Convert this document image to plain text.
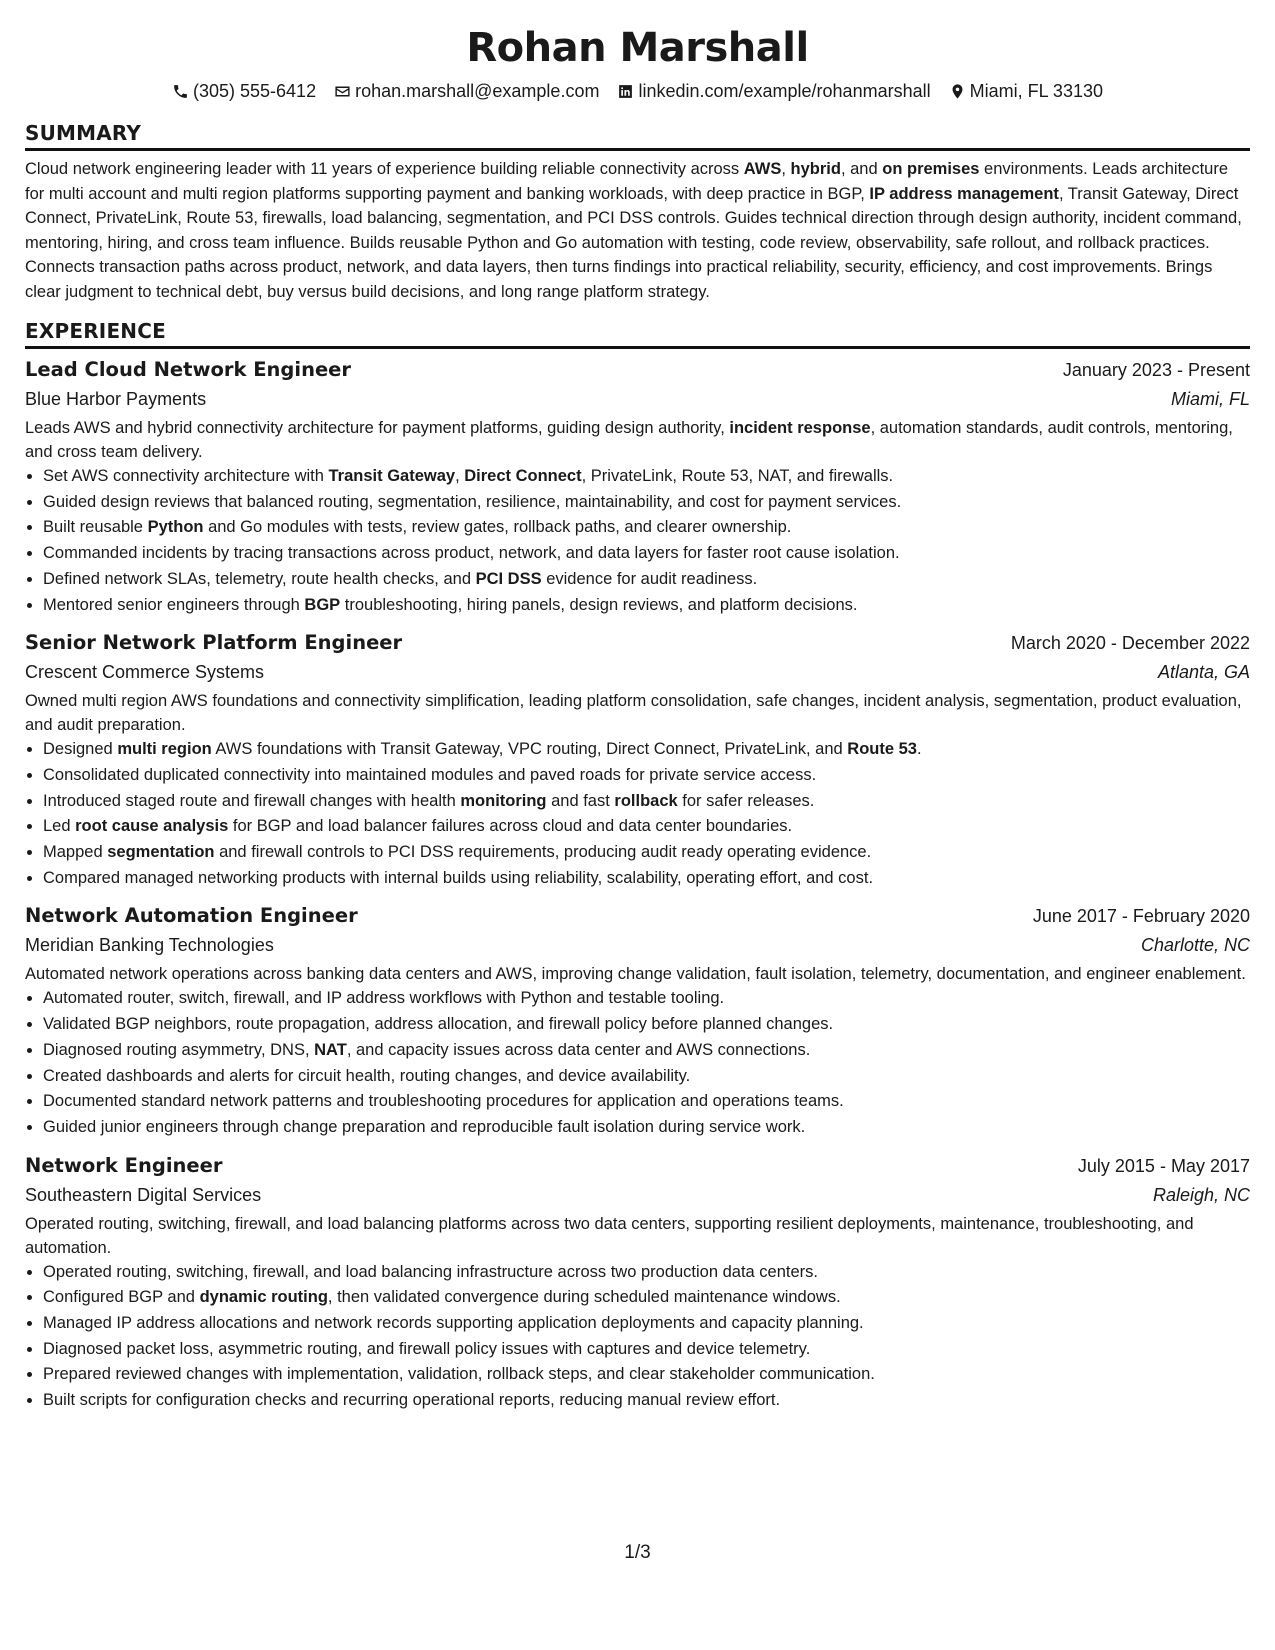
Rohan Marshall
(305) 555-6412 rohan.marshall@example.com linkedin.com/example/rohanmarshall Miami, FL 33130
SUMMARY

Cloud network engineering leader with 11 years of experience building reliable connectivity across AWS, hybrid, and on premises environments. Leads architecture for multi account and multi region platforms supporting payment and banking workloads, with deep practice in BGP, IP address management, Transit Gateway, Direct Connect, PrivateLink, Route 53, firewalls, load balancing, segmentation, and PCI DSS controls. Guides technical direction through design authority, incident command, mentoring, hiring, and cross team influence. Builds reusable Python and Go automation with testing, code review, observability, safe rollout, and rollback practices. Connects transaction paths across product, network, and data layers, then turns findings into practical reliability, security, efficiency, and cost improvements. Brings clear judgment to technical debt, buy versus build decisions, and long range platform strategy.

EXPERIENCE
Lead Cloud Network Engineer	January 2023 - Present
Blue Harbor Payments	Miami, FL

Leads AWS and hybrid connectivity architecture for payment platforms, guiding design authority, incident response, automation standards, audit controls, mentoring, and cross team delivery.

• Set AWS connectivity architecture with Transit Gateway, Direct Connect, PrivateLink, Route 53, NAT, and firewalls.
• Guided design reviews that balanced routing, segmentation, resilience, maintainability, and cost for payment services.
• Built reusable Python and Go modules with tests, review gates, rollback paths, and clearer ownership.
• Commanded incidents by tracing transactions across product, network, and data layers for faster root cause isolation.
• Defined network SLAs, telemetry, route health checks, and PCI DSS evidence for audit readiness.
• Mentored senior engineers through BGP troubleshooting, hiring panels, design reviews, and platform decisions.
Senior Network Platform Engineer	March 2020 - December 2022
Crescent Commerce Systems	Atlanta, GA

Owned multi region AWS foundations and connectivity simplification, leading platform consolidation, safe changes, incident analysis, segmentation, product evaluation, and audit preparation.

• Designed multi region AWS foundations with Transit Gateway, VPC routing, Direct Connect, PrivateLink, and Route 53.
• Consolidated duplicated connectivity into maintained modules and paved roads for private service access.
• Introduced staged route and firewall changes with health monitoring and fast rollback for safer releases.
• Led root cause analysis for BGP and load balancer failures across cloud and data center boundaries.
• Mapped segmentation and firewall controls to PCI DSS requirements, producing audit ready operating evidence.
• Compared managed networking products with internal builds using reliability, scalability, operating effort, and cost.
Network Automation Engineer	June 2017 - February 2020
Meridian Banking Technologies	Charlotte, NC

Automated network operations across banking data centers and AWS, improving change validation, fault isolation, telemetry, documentation, and engineer enablement.

• Automated router, switch, firewall, and IP address workflows with Python and testable tooling.
• Validated BGP neighbors, route propagation, address allocation, and firewall policy before planned changes.
• Diagnosed routing asymmetry, DNS, NAT, and capacity issues across data center and AWS connections.
• Created dashboards and alerts for circuit health, routing changes, and device availability.
• Documented standard network patterns and troubleshooting procedures for application and operations teams.
• Guided junior engineers through change preparation and reproducible fault isolation during service work.
Network Engineer	July 2015 - May 2017
Southeastern Digital Services	Raleigh, NC

Operated routing, switching, firewall, and load balancing platforms across two data centers, supporting resilient deployments, maintenance, troubleshooting, and automation.

• Operated routing, switching, firewall, and load balancing infrastructure across two production data centers.
• Configured BGP and dynamic routing, then validated convergence during scheduled maintenance windows.
• Managed IP address allocations and network records supporting application deployments and capacity planning.
• Diagnosed packet loss, asymmetric routing, and firewall policy issues with captures and device telemetry.
• Prepared reviewed changes with implementation, validation, rollback steps, and clear stakeholder communication.
• Built scripts for configuration checks and recurring operational reports, reducing manual review effort.
1/3
